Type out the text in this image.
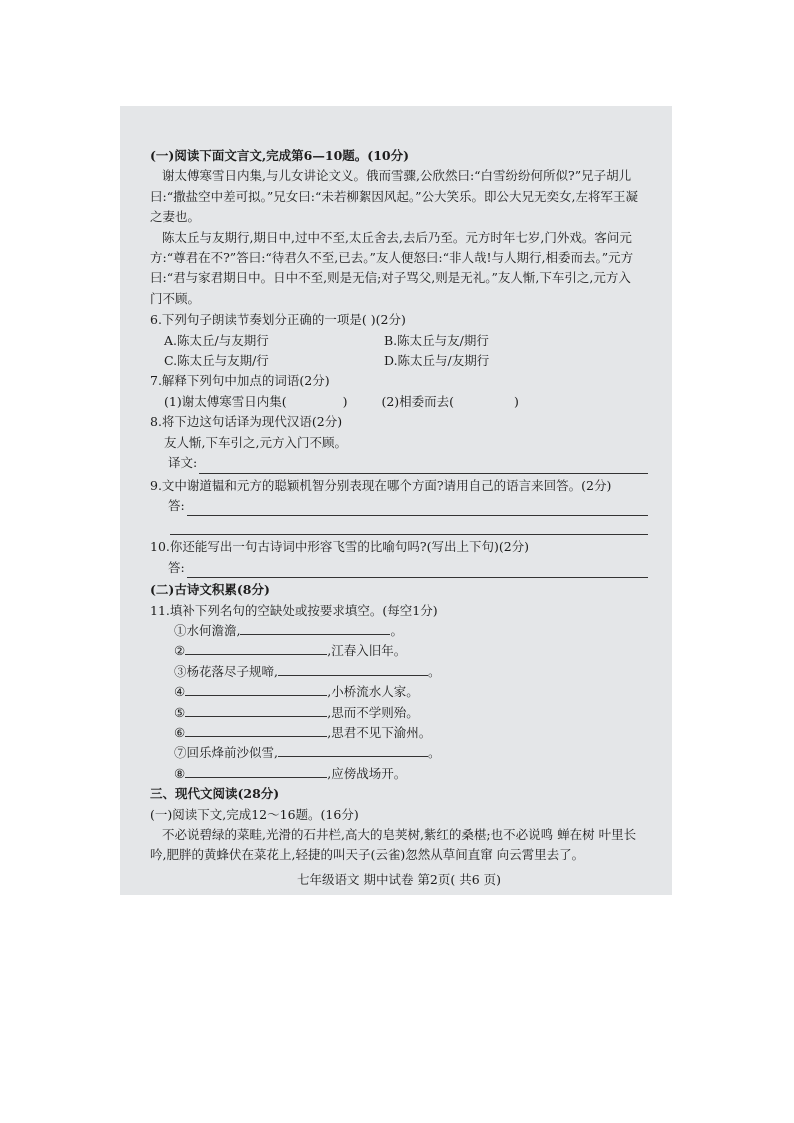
(一)阅读下面文言文,完成第6—10题。(10分)
谢太傅寒雪日内集,与儿女讲论文义。俄而雪骤,公欣然曰:“白雪纷纷何所似?”兄子胡儿
曰:“撒盐空中差可拟。”兄女曰:“未若柳絮因风起。”公大笑乐。即公大兄无奕女,左将军王凝
之妻也。
陈太丘与友期行,期日中,过中不至,太丘舍去,去后乃至。元方时年七岁,门外戏。客问元
方:“尊君在不?”答曰:“待君久不至,已去。”友人便怒曰:“非人哉!与人期行,相委而去。”元方
曰:“君与家君期日中。日中不至,则是无信;对子骂父,则是无礼。”友人惭,下车引之,元方入
门不顾。
6.下列句子朗读节奏划分正确的一项是( )(2分)
A.陈太丘/与友期行	B.陈太丘与友/期行
C.陈太丘与友期/行	D.陈太丘与/友期行
7.解释下列句中加点的词语(2分)
(1)谢太傅寒雪日内集(	)	(2)相委而去(	)
8.将下边这句话译为现代汉语(2分)
友人惭,下车引之,元方入门不顾。
译文:
9.文中谢道韫和元方的聪颖机智分别表现在哪个方面?请用自己的语言来回答。(2分)
答:
10.你还能写出一句古诗词中形容飞雪的比喻句吗?(写出上下句)(2分)
答:
(二)古诗文积累(8分)
11.填补下列名句的空缺处或按要求填空。(每空1分)
①水何澹澹,	。
②	,江春入旧年。
③杨花落尽子规啼,	。
④	,小桥流水人家。
⑤	,思而不学则殆。
⑥	,思君不见下渝州。
⑦回乐烽前沙似雪,	。
⑧	,应傍战场开。
三、现代文阅读(28分)
(一)阅读下文,完成12～16题。(16分)
不必说碧绿的菜畦,光滑的石井栏,高大的皂荚树,紫红的桑椹;也不必说鸣 蝉在树 叶里长
吟,肥胖的黄蜂伏在菜花上,轻捷的叫天子(云雀)忽然从草间直窜 向云霄里去了。
七年级语文 期中试卷 第2页( 共6 页)
